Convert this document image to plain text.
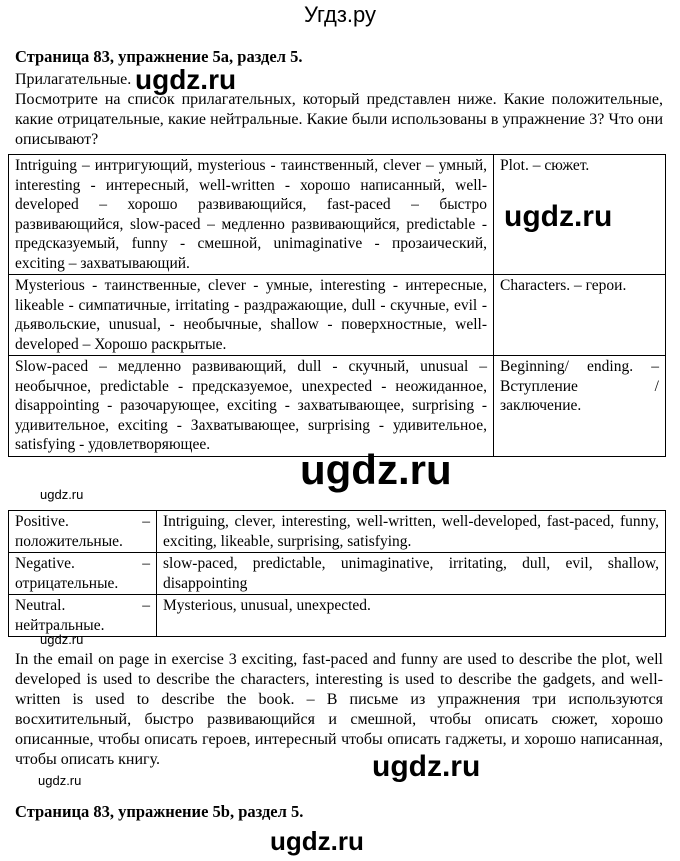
Угдз.ру
Страница 83, упражнение 5a, раздел 5.
Прилагательные.
Посмотрите на список прилагательных, который представлен ниже. Какие положительные, какие отрицательные, какие нейтральные. Какие были использованы в упражнение 3? Что они описывают?
Intriguing – интригующий, mysterious - таинственный, clever – умный, interesting - интересный, well-written - хорошо написанный, well-developed – хорошо развивающийся, fast-paced – быстро развивающийся, slow-paced – медленно развивающийся, predictable - предсказуемый, funny - смешной, unimaginative - прозаический, exciting – захватывающий.	Plot. – сюжет.
Mysterious - таинственные, clever - умные, interesting - интересные, likeable - симпатичные, irritating - раздражающие, dull - скучные, evil - дьявольские, unusual, - необычные, shallow - поверхностные, well-developed – Хорошо раскрытые.	Characters. – герои.
Slow-paced – медленно развивающий, dull - скучный, unusual – необычное, predictable - предсказуемое, unexpected - неожиданное, disappointing - разочарующее, exciting - захватывающее, surprising - удивительное, exciting - Захватывающее, surprising - удивительное, satisfying - удовлетворяющее.	Beginning/ ending. – Вступление / заключение.
Positive. – положительные.	Intriguing, clever, interesting, well-written, well-developed, fast-paced, funny, exciting, likeable, surprising, satisfying.
Negative. – отрицательные.	slow-paced, predictable, unimaginative, irritating, dull, evil, shallow, disappointing
Neutral. – нейтральные.	Mysterious, unusual, unexpected.
In the email on page in exercise 3 exciting, fast-paced and funny are used to describe the plot, well developed is used to describe the characters, interesting is used to describe the gadgets, and well-written is used to describe the book. – В письме из упражнения три используются восхитительный, быстро развивающийся и смешной, чтобы описать сюжет, хорошо описанные, чтобы описать героев, интересный чтобы описать гаджеты, и хорошо написанная, чтобы описать книгу.
Страница 83, упражнение 5b, раздел 5.
ugdz.ru
ugdz.ru
ugdz.ru
ugdz.ru
ugdz.ru
ugdz.ru
ugdz.ru
ugdz.ru
